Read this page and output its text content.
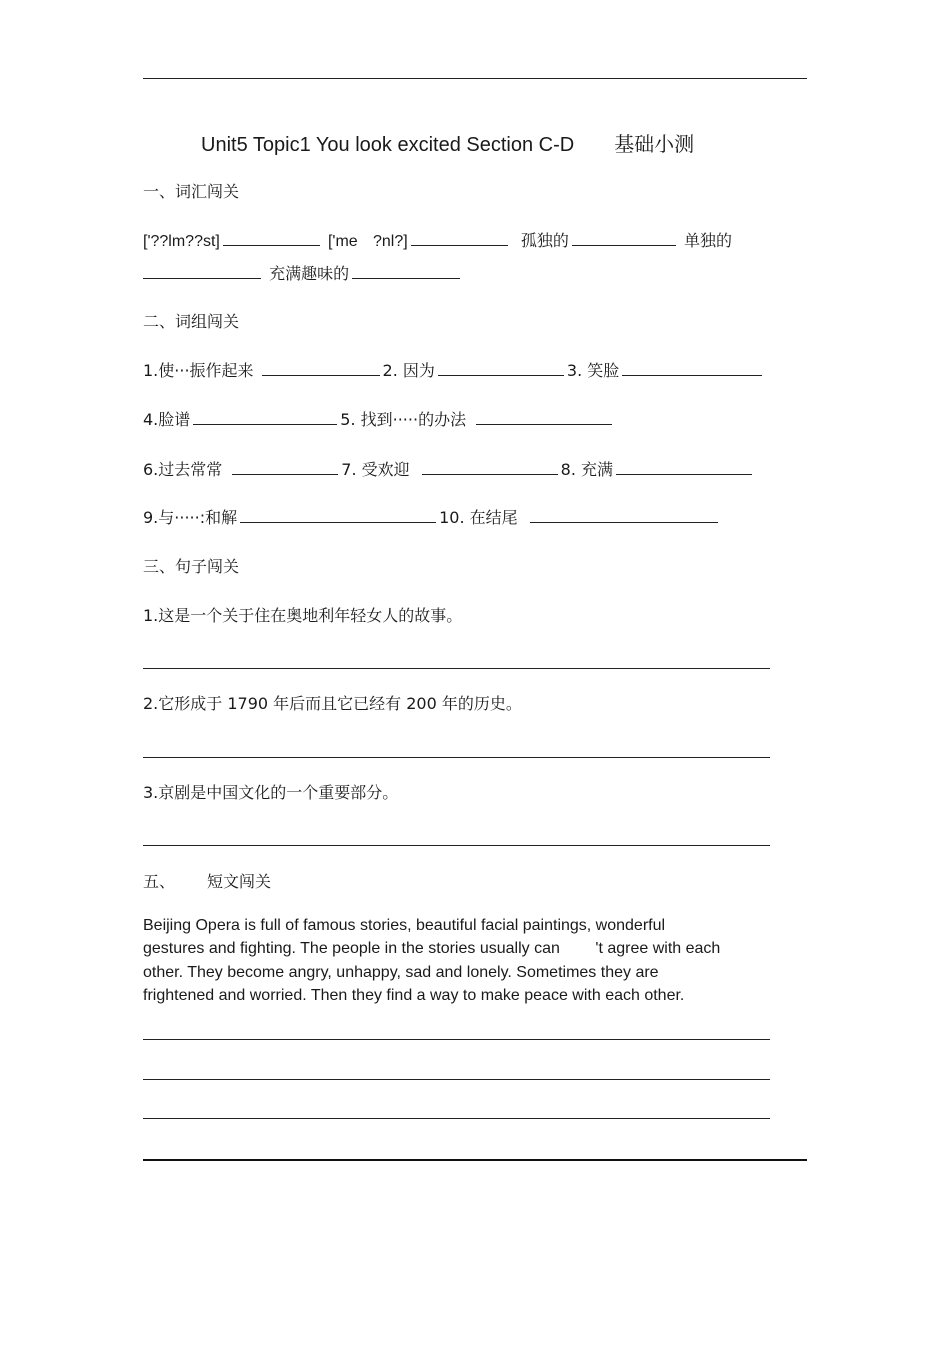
Unit5 Topic1 You look excited Section C-D 基础小测
一、词汇闯关
['??lm??st]	['me ?nl?]	孤独的	单独的
充满趣味的
二、词组闯关
1.使···振作起来	2. 因为	3. 笑脸
4.脸谱	5. 找到·····的办法
6.过去常常	7. 受欢迎	8. 充满
9.与·····:和解	10. 在结尾
三、句子闯关
1.这是一个关于住在奥地利年轻女人的故事。
2.它形成于 1790 年后而且它已经有 200 年的历史。
3.京剧是中国文化的一个重要部分。
五、 短文闯关
Beijing Opera is full of famous stories, beautiful facial paintings, wonderful
gestures and fighting. The people in the stories usually can        't agree with each
other. They become angry, unhappy, sad and lonely. Sometimes they are
frightened and worried. Then they find a way to make peace with each other.
